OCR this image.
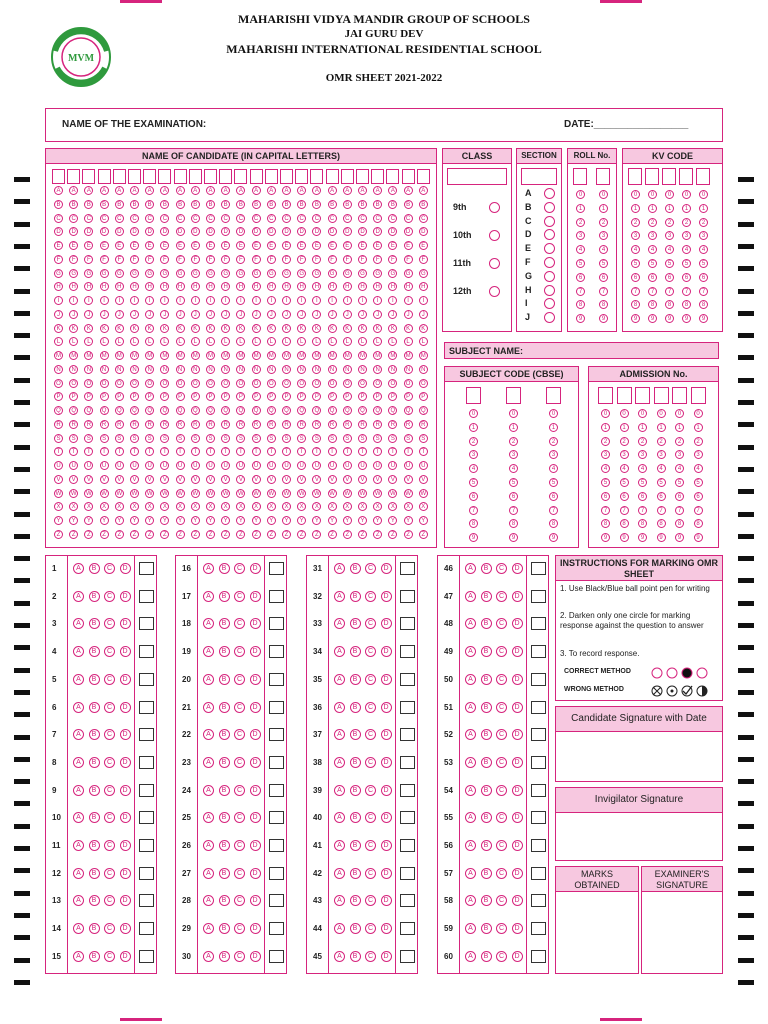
MVM
MAHARISHI VIDYA MANDIR GROUP OF SCHOOLS
JAI GURU DEV
MAHARISHI INTERNATIONAL RESIDENTIAL SCHOOL
OMR SHEET 2021-2022
NAME OF THE EXAMINATION:	DATE:_________________
NAME OF CANDIDATE (IN CAPITAL LETTERS)
A
B
C
D
E
F
G
H
I
J
K
L
M
N
O
P
Q
R
S
T
U
V
W
X
Y
Z
A
B
C
D
E
F
G
H
I
J
K
L
M
N
O
P
Q
R
S
T
U
V
W
X
Y
Z
A
B
C
D
E
F
G
H
I
J
K
L
M
N
O
P
Q
R
S
T
U
V
W
X
Y
Z
A
B
C
D
E
F
G
H
I
J
K
L
M
N
O
P
Q
R
S
T
U
V
W
X
Y
Z
A
B
C
D
E
F
G
H
I
J
K
L
M
N
O
P
Q
R
S
T
U
V
W
X
Y
Z
A
B
C
D
E
F
G
H
I
J
K
L
M
N
O
P
Q
R
S
T
U
V
W
X
Y
Z
A
B
C
D
E
F
G
H
I
J
K
L
M
N
O
P
Q
R
S
T
U
V
W
X
Y
Z
A
B
C
D
E
F
G
H
I
J
K
L
M
N
O
P
Q
R
S
T
U
V
W
X
Y
Z
A
B
C
D
E
F
G
H
I
J
K
L
M
N
O
P
Q
R
S
T
U
V
W
X
Y
Z
A
B
C
D
E
F
G
H
I
J
K
L
M
N
O
P
Q
R
S
T
U
V
W
X
Y
Z
A
B
C
D
E
F
G
H
I
J
K
L
M
N
O
P
Q
R
S
T
U
V
W
X
Y
Z
A
B
C
D
E
F
G
H
I
J
K
L
M
N
O
P
Q
R
S
T
U
V
W
X
Y
Z
A
B
C
D
E
F
G
H
I
J
K
L
M
N
O
P
Q
R
S
T
U
V
W
X
Y
Z
A
B
C
D
E
F
G
H
I
J
K
L
M
N
O
P
Q
R
S
T
U
V
W
X
Y
Z
A
B
C
D
E
F
G
H
I
J
K
L
M
N
O
P
Q
R
S
T
U
V
W
X
Y
Z
A
B
C
D
E
F
G
H
I
J
K
L
M
N
O
P
Q
R
S
T
U
V
W
X
Y
Z
A
B
C
D
E
F
G
H
I
J
K
L
M
N
O
P
Q
R
S
T
U
V
W
X
Y
Z
A
B
C
D
E
F
G
H
I
J
K
L
M
N
O
P
Q
R
S
T
U
V
W
X
Y
Z
A
B
C
D
E
F
G
H
I
J
K
L
M
N
O
P
Q
R
S
T
U
V
W
X
Y
Z
A
B
C
D
E
F
G
H
I
J
K
L
M
N
O
P
Q
R
S
T
U
V
W
X
Y
Z
A
B
C
D
E
F
G
H
I
J
K
L
M
N
O
P
Q
R
S
T
U
V
W
X
Y
Z
A
B
C
D
E
F
G
H
I
J
K
L
M
N
O
P
Q
R
S
T
U
V
W
X
Y
Z
A
B
C
D
E
F
G
H
I
J
K
L
M
N
O
P
Q
R
S
T
U
V
W
X
Y
Z
A
B
C
D
E
F
G
H
I
J
K
L
M
N
O
P
Q
R
S
T
U
V
W
X
Y
Z
A
B
C
D
E
F
G
H
I
J
K
L
M
N
O
P
Q
R
S
T
U
V
W
X
Y
Z
CLASS
9th
10th
11th
12th
SECTION
A
B
C
D
E
F
G
H
I
J
ROLL No.
0
1
2
3
4
5
6
7
8
9
0
1
2
3
4
5
6
7
8
9
KV CODE
0
1
2
3
4
5
6
7
8
9
0
1
2
3
4
5
6
7
8
9
0
1
2
3
4
5
6
7
8
9
0
1
2
3
4
5
6
7
8
9
0
1
2
3
4
5
6
7
8
9
SUBJECT NAME:
SUBJECT CODE (CBSE)
0
1
2
3
4
5
6
7
8
9
0
1
2
3
4
5
6
7
8
9
0
1
2
3
4
5
6
7
8
9
ADMISSION No.
0
1
2
3
4
5
6
7
8
9
0
1
2
3
4
5
6
7
8
9
0
1
2
3
4
5
6
7
8
9
0
1
2
3
4
5
6
7
8
9
0
1
2
3
4
5
6
7
8
9
0
1
2
3
4
5
6
7
8
9
1	A	B	C	D
2	A	B	C	D
3	A	B	C	D
4	A	B	C	D
5	A	B	C	D
6	A	B	C	D
7	A	B	C	D
8	A	B	C	D
9	A	B	C	D
10	A	B	C	D
11	A	B	C	D
12	A	B	C	D
13	A	B	C	D
14	A	B	C	D
15	A	B	C	D
16	A	B	C	D
17	A	B	C	D
18	A	B	C	D
19	A	B	C	D
20	A	B	C	D
21	A	B	C	D
22	A	B	C	D
23	A	B	C	D
24	A	B	C	D
25	A	B	C	D
26	A	B	C	D
27	A	B	C	D
28	A	B	C	D
29	A	B	C	D
30	A	B	C	D
31	A	B	C	D
32	A	B	C	D
33	A	B	C	D
34	A	B	C	D
35	A	B	C	D
36	A	B	C	D
37	A	B	C	D
38	A	B	C	D
39	A	B	C	D
40	A	B	C	D
41	A	B	C	D
42	A	B	C	D
43	A	B	C	D
44	A	B	C	D
45	A	B	C	D
46	A	B	C	D
47	A	B	C	D
48	A	B	C	D
49	A	B	C	D
50	A	B	C	D
51	A	B	C	D
52	A	B	C	D
53	A	B	C	D
54	A	B	C	D
55	A	B	C	D
56	A	B	C	D
57	A	B	C	D
58	A	B	C	D
59	A	B	C	D
60	A	B	C	D
INSTRUCTIONS FOR MARKING OMR SHEET
1. Use Black/Blue ball point pen for writing
2. Darken only one circle for marking response against the question to answer
3. To record response.
CORRECT METHOD
WRONG METHOD
Candidate Signature with Date
Invigilator Signature
MARKS OBTAINED
EXAMINER'S SIGNATURE
